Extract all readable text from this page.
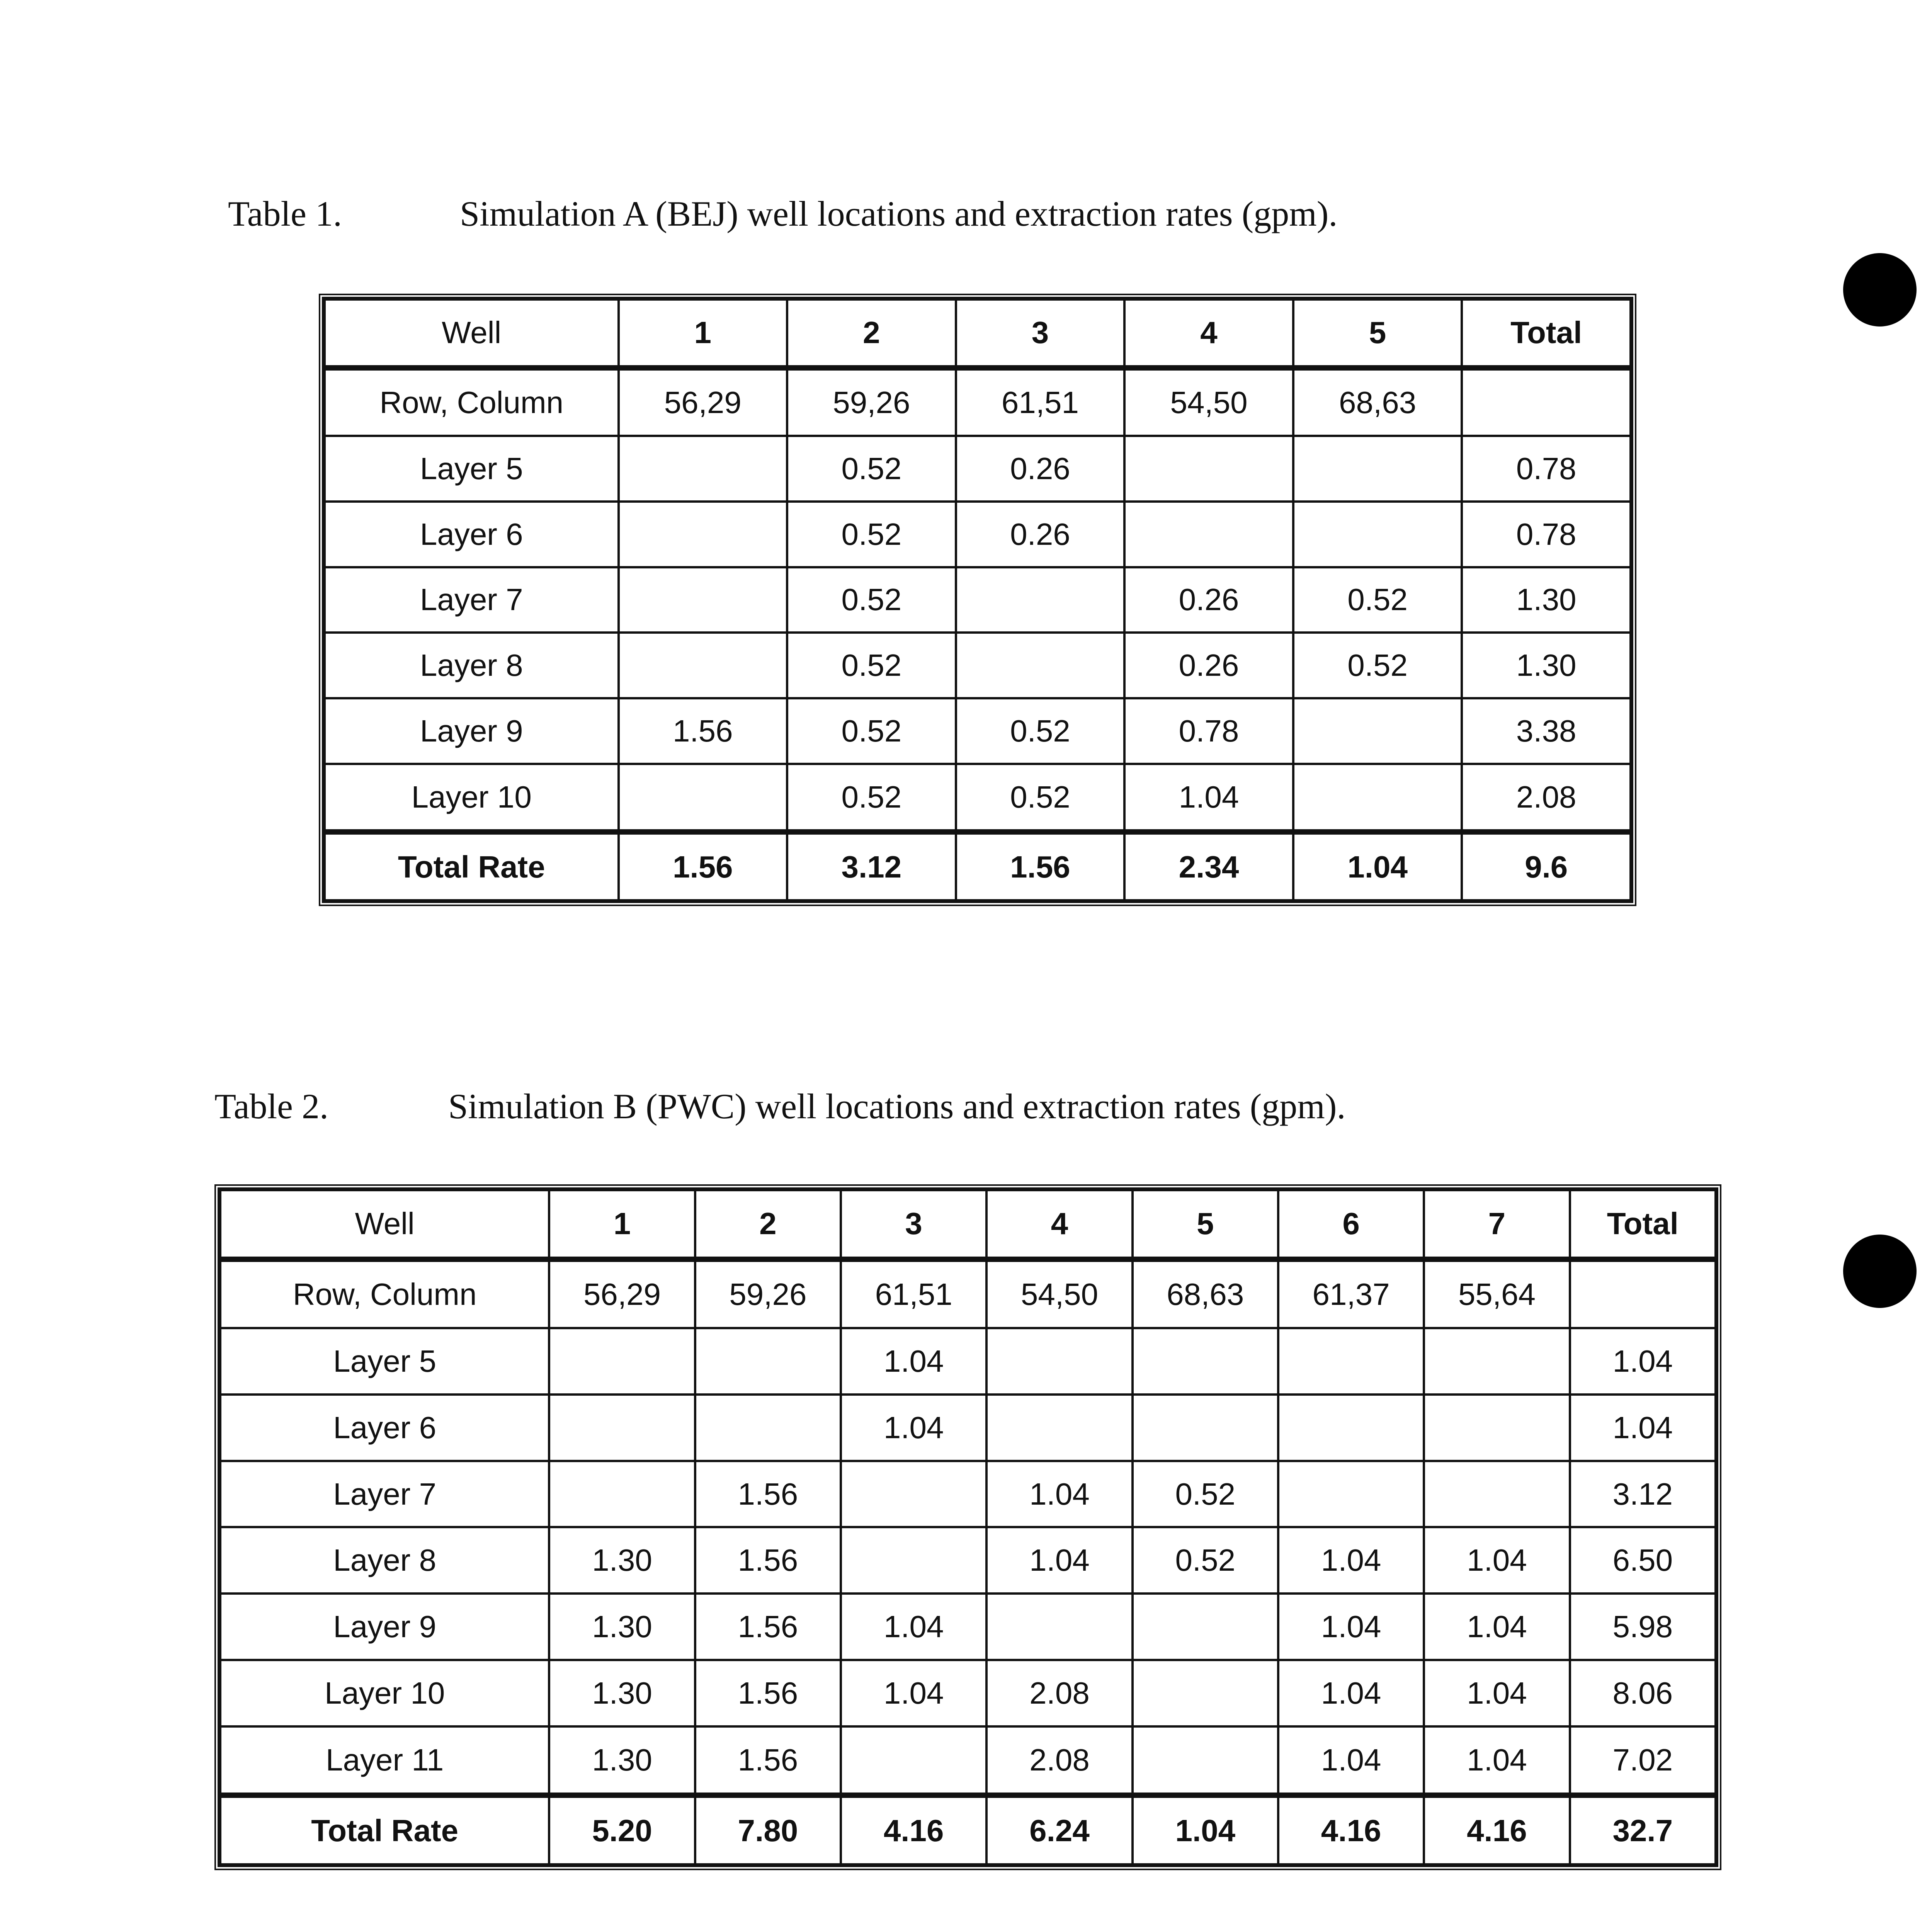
Table 1.	Simulation A (BEJ) well locations and extraction rates (gpm).
Well	1	2	3	4	5	Total
Row, Column	56,29	59,26	61,51	54,50	68,63	
Layer 5		0.52	0.26			0.78
Layer 6		0.52	0.26			0.78
Layer 7		0.52		0.26	0.52	1.30
Layer 8		0.52		0.26	0.52	1.30
Layer 9	1.56	0.52	0.52	0.78		3.38
Layer 10		0.52	0.52	1.04		2.08
Total Rate	1.56	3.12	1.56	2.34	1.04	9.6
Table 2.	Simulation B (PWC) well locations and extraction rates (gpm).
Well	1	2	3	4	5	6	7	Total
Row, Column	56,29	59,26	61,51	54,50	68,63	61,37	55,64	
Layer 5			1.04					1.04
Layer 6			1.04					1.04
Layer 7		1.56		1.04	0.52			3.12
Layer 8	1.30	1.56		1.04	0.52	1.04	1.04	6.50
Layer 9	1.30	1.56	1.04			1.04	1.04	5.98
Layer 10	1.30	1.56	1.04	2.08		1.04	1.04	8.06
Layer 11	1.30	1.56		2.08		1.04	1.04	7.02
Total Rate	5.20	7.80	4.16	6.24	1.04	4.16	4.16	32.7
